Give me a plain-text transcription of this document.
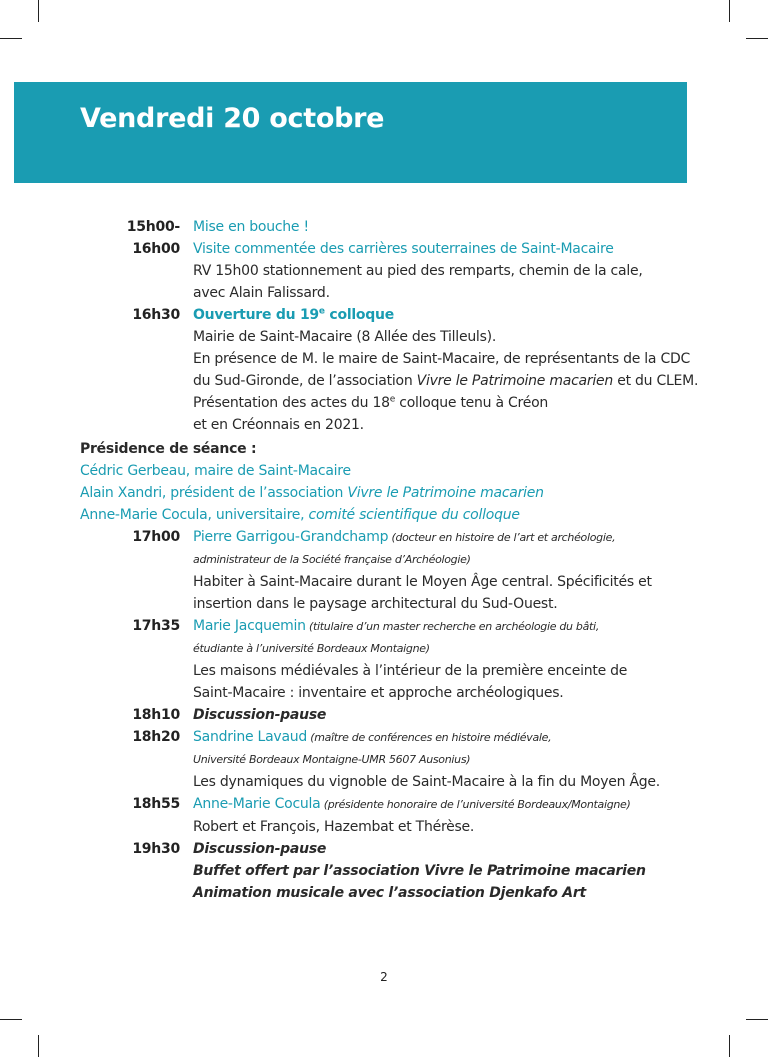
Vendredi 20 octobre
15h00-16h00
Mise en bouche !
Visite commentée des carrières souterraines de Saint-Macaire
RV 15h00 stationnement au pied des remparts, chemin de la cale,
avec Alain Falissard.
16h30 Ouverture du 19e colloque
Mairie de Saint-Macaire (8 Allée des Tilleuls).
En présence de M. le maire de Saint-Macaire, de représentants de la CDC
du Sud-Gironde, de l’association Vivre le Patrimoine macarien et du CLEM.
Présentation des actes du 18e colloque tenu à Créon
et en Créonnais en 2021.
Présidence de séance :
Cédric Gerbeau, maire de Saint-Macaire
Alain Xandri, président de l’association Vivre le Patrimoine macarien
Anne-Marie Cocula, universitaire, comité scientifique du colloque
17h00 Pierre Garrigou-Grandchamp (docteur en histoire de l’art et archéologie,
administrateur de la Société française d’Archéologie)
Habiter à Saint-Macaire durant le Moyen Âge central. Spécificités et
insertion dans le paysage architectural du Sud-Ouest.
17h35 Marie Jacquemin (titulaire d’un master recherche en archéologie du bâti,
étudiante à l’université Bordeaux Montaigne)
Les maisons médiévales à l’intérieur de la première enceinte de
Saint-Macaire : inventaire et approche archéologiques.
18h10 Discussion-pause
18h20 Sandrine Lavaud (maître de conférences en histoire médiévale,
Université Bordeaux Montaigne-UMR 5607 Ausonius)
Les dynamiques du vignoble de Saint-Macaire à la fin du Moyen Âge.
18h55 Anne-Marie Cocula (présidente honoraire de l’université Bordeaux/Montaigne)
Robert et François, Hazembat et Thérèse.
19h30 Discussion-pause
Buffet offert par l’association Vivre le Patrimoine macarien
Animation musicale avec l’association Djenkafo Art
2
